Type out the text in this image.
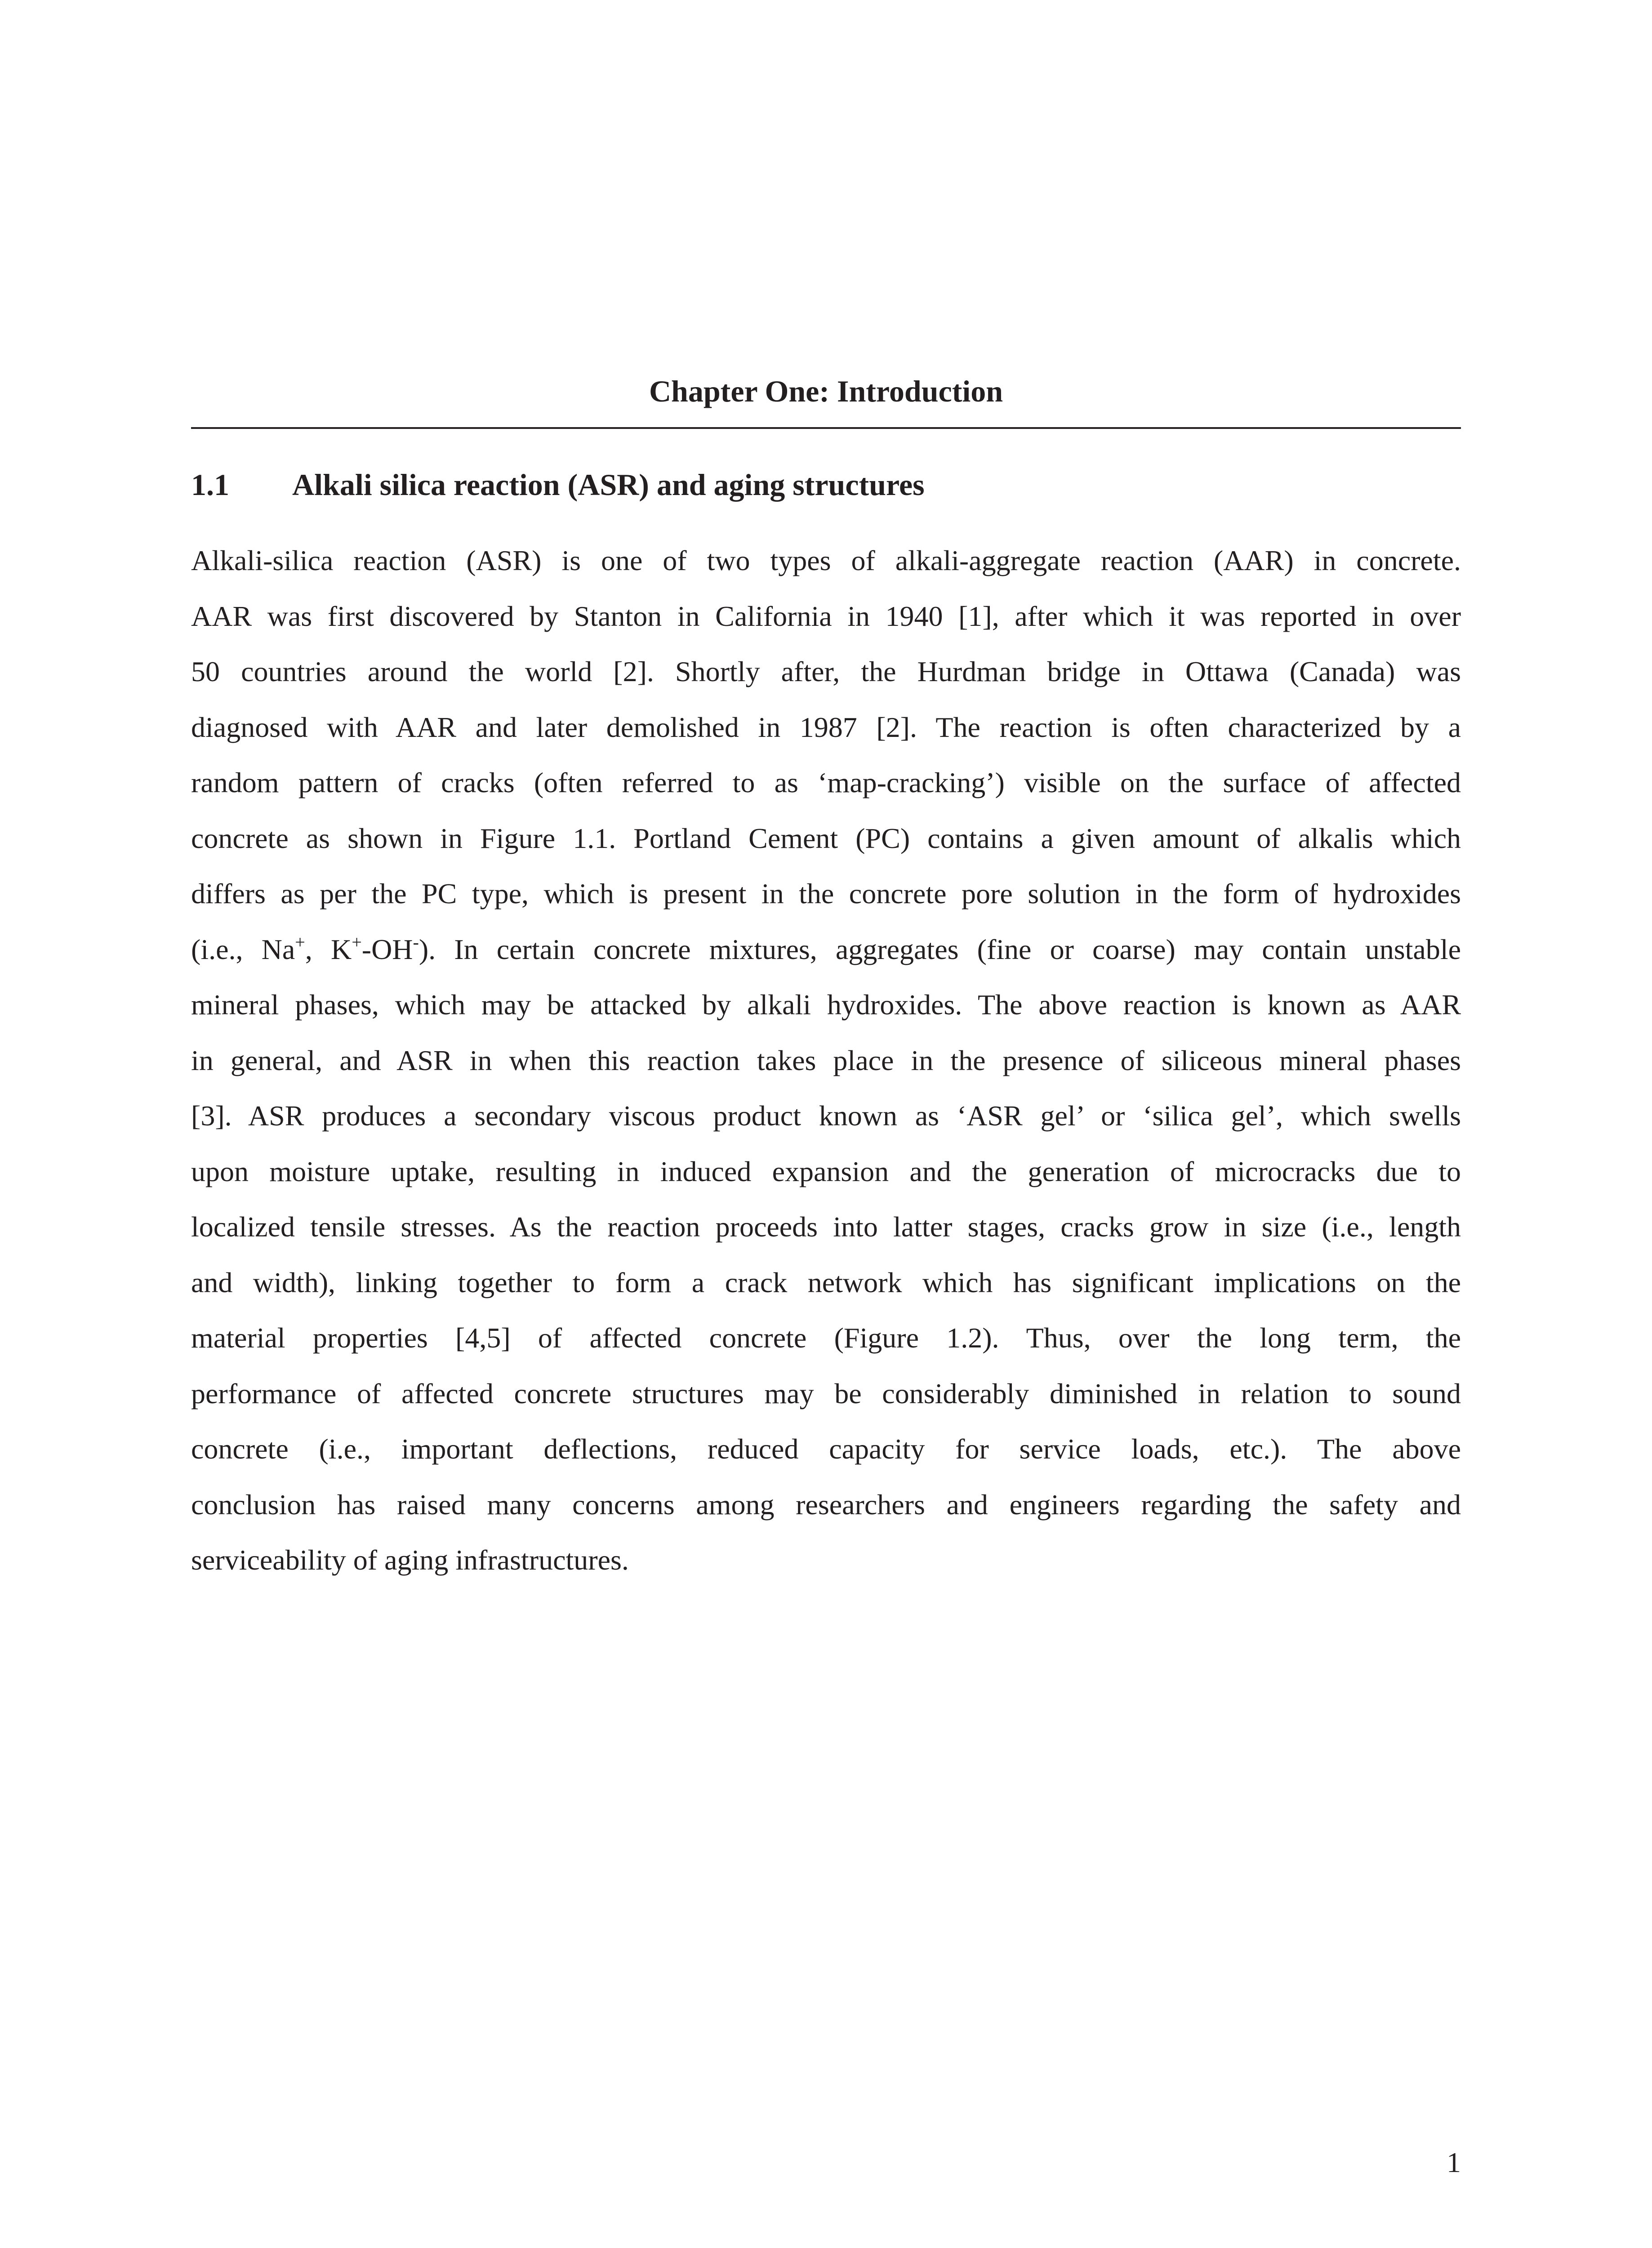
Chapter One: Introduction
1.1 Alkali silica reaction (ASR) and aging structures
Alkali-silica reaction (ASR) is one of two types of alkali-aggregate reaction (AAR) in concrete.
AAR was first discovered by Stanton in California in 1940 [1], after which it was reported in over
50 countries around the world [2]. Shortly after, the Hurdman bridge in Ottawa (Canada) was
diagnosed with AAR and later demolished in 1987 [2]. The reaction is often characterized by a
random pattern of cracks (often referred to as ‘map-cracking’) visible on the surface of affected
concrete as shown in Figure 1.1. Portland Cement (PC) contains a given amount of alkalis which
differs as per the PC type, which is present in the concrete pore solution in the form of hydroxides
(i.e., Na+, K+-OH-). In certain concrete mixtures, aggregates (fine or coarse) may contain unstable
mineral phases, which may be attacked by alkali hydroxides. The above reaction is known as AAR
in general, and ASR in when this reaction takes place in the presence of siliceous mineral phases
[3]. ASR produces a secondary viscous product known as ‘ASR gel’ or ‘silica gel’, which swells
upon moisture uptake, resulting in induced expansion and the generation of microcracks due to
localized tensile stresses. As the reaction proceeds into latter stages, cracks grow in size (i.e., length
and width), linking together to form a crack network which has significant implications on the
material properties [4,5] of affected concrete (Figure 1.2). Thus, over the long term, the
performance of affected concrete structures may be considerably diminished in relation to sound
concrete (i.e., important deflections, reduced capacity for service loads, etc.). The above
conclusion has raised many concerns among researchers and engineers regarding the safety and
serviceability of aging infrastructures.
1
